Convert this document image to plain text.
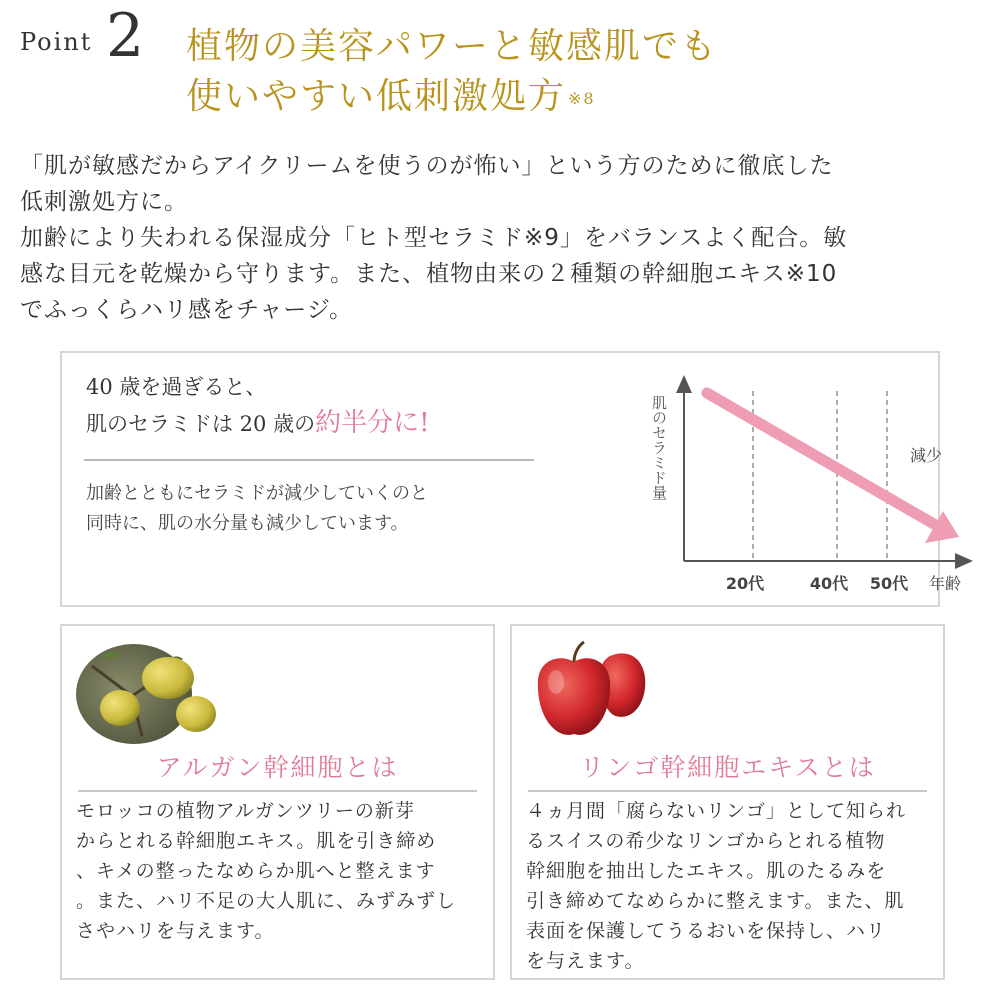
Point 2 植物の美容パワーと敏感肌でも
使いやすい低刺激処方 $^{※8}$

「肌が敏感だからアイクリームを使うのが怖い」という方のために徹底した

低刺激処方に。

加齢により失われる保湿成分「ヒト型セラミド※9」をバランスよく配合。敏

感な目元を乾燥から守ります。また、植物由来の２種類の幹細胞エキス※10

でふっくらハリ感をチャージ。

40 歳を過ぎると、
肌のセラミドは 20 歳の約半分に!
加齢とともにセラミドが減少していくのと
同時に、肌の水分量も減少しています。
肌のセラミド量	減少
20代	40代 50代 年齢
アルガン幹細胞とは

モロッコの植物アルガンツリーの新芽

からとれる幹細胞エキス。肌を引き締め

、キメの整ったなめらか肌へと整えます

。また、ハリ不足の大人肌に、みずみずし

さやハリを与えます。

リンゴ幹細胞エキスとは

４ヵ月間「腐らないリンゴ」として知られ

るスイスの希少なリンゴからとれる植物

幹細胞を抽出したエキス。肌のたるみを

引き締めてなめらかに整えます。また、肌

表面を保護してうるおいを保持し、ハリ

を与えます。
